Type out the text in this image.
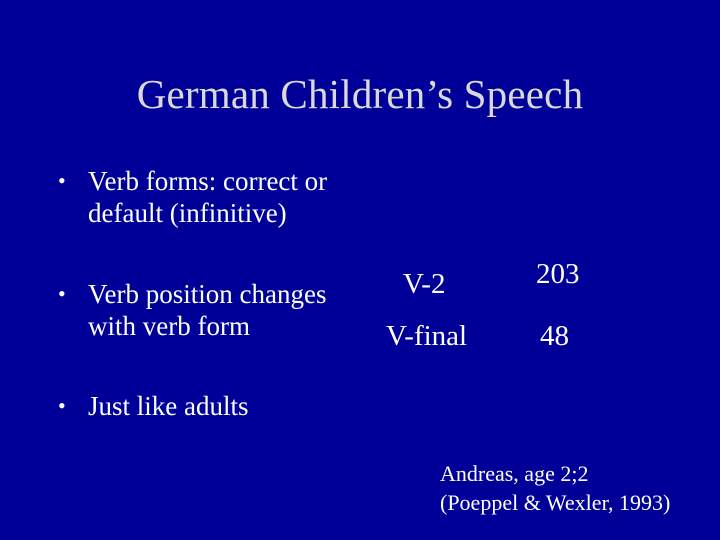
German Children’s Speech
• Verb forms: correct or
default (infinitive)
• Verb position changes
with verb form
• Just like adults
V-2	203
V-final	48
Andreas, age 2;2
(Poeppel & Wexler, 1993)
